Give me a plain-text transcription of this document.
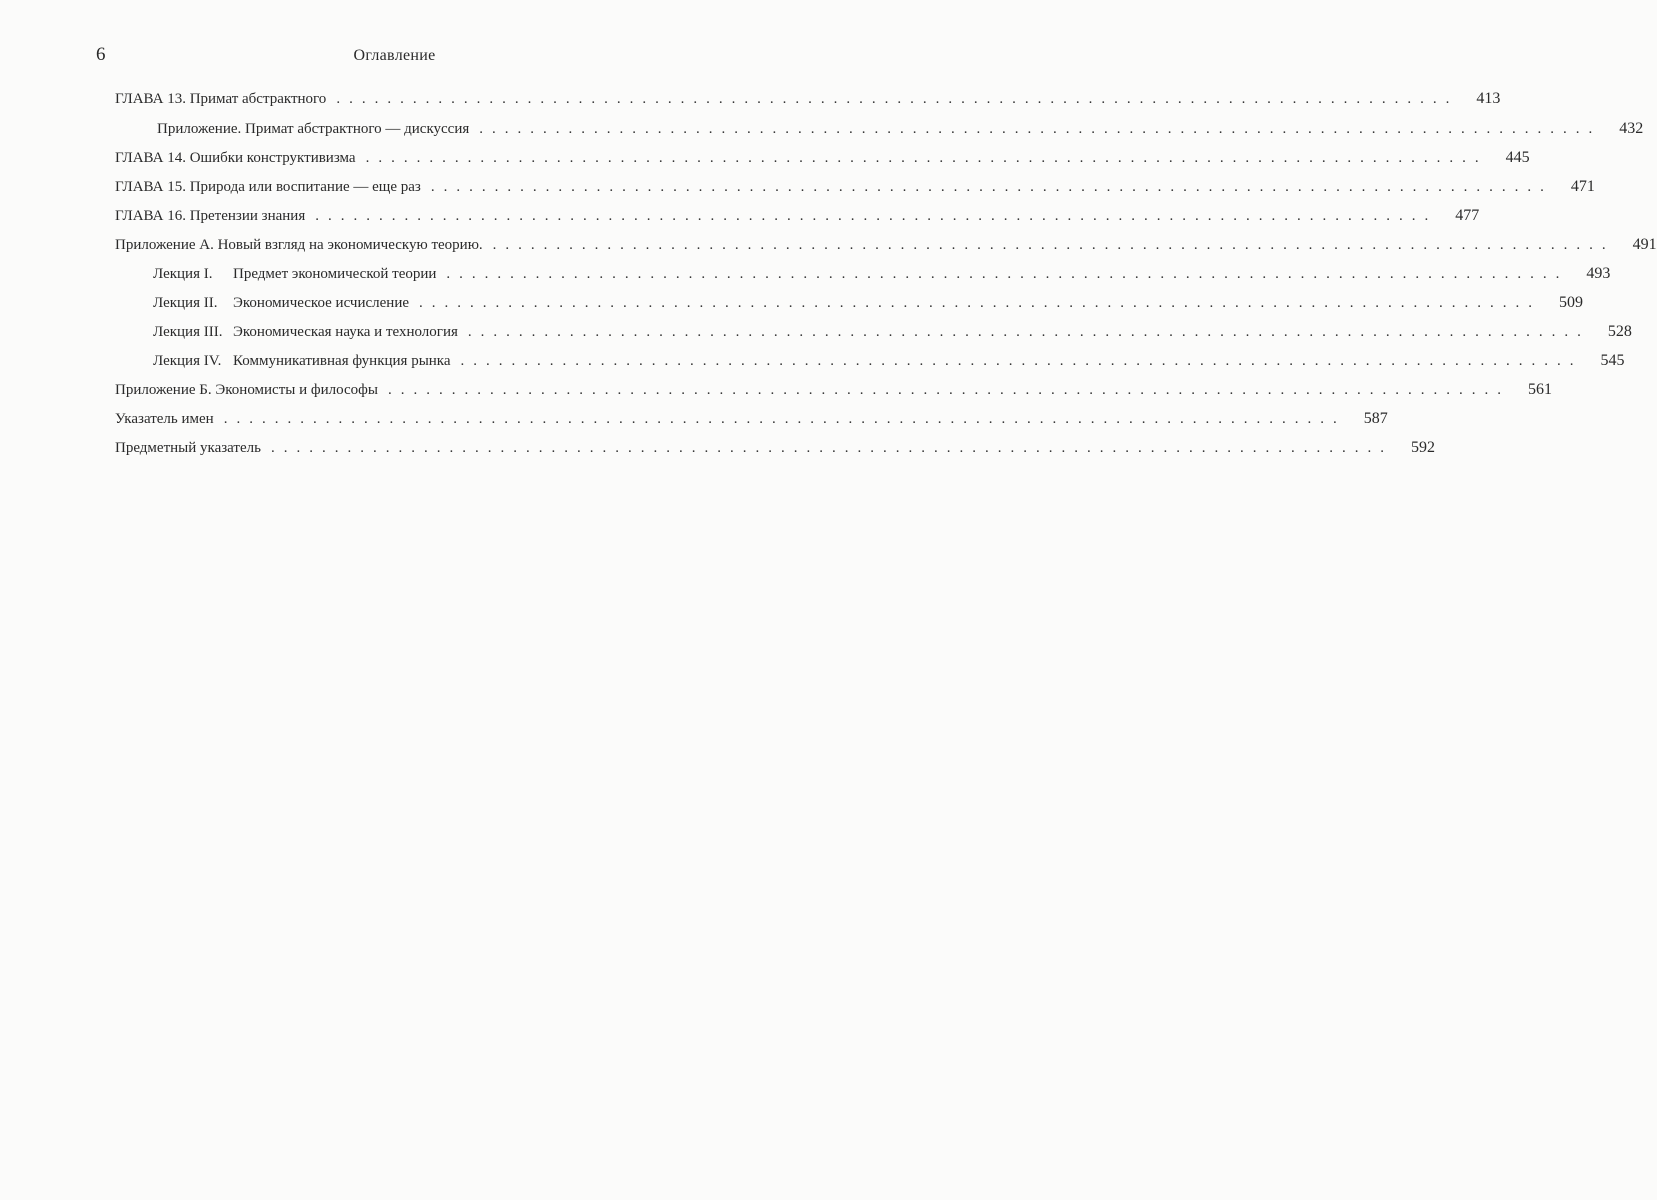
6	Оглавление
ГЛАВА 13. Примат абстрактного ........................................................................................	413
Приложение. Примат абстрактного — дискуссия ........................................................................................	432
ГЛАВА 14. Ошибки конструктивизма ........................................................................................	445
ГЛАВА 15. Природа или воспитание — еще раз ........................................................................................	471
ГЛАВА 16. Претензии знания ........................................................................................	477
Приложение А. Новый взгляд на экономическую теорию. ........................................................................................	491
Лекция I. Предмет экономической теории ........................................................................................	493
Лекция II. Экономическое исчисление ........................................................................................	509
Лекция III. Экономическая наука и технология ........................................................................................	528
Лекция IV. Коммуникативная функция рынка ........................................................................................	545
Приложение Б. Экономисты и философы ........................................................................................	561
Указатель имен ........................................................................................	587
Предметный указатель ........................................................................................	592
